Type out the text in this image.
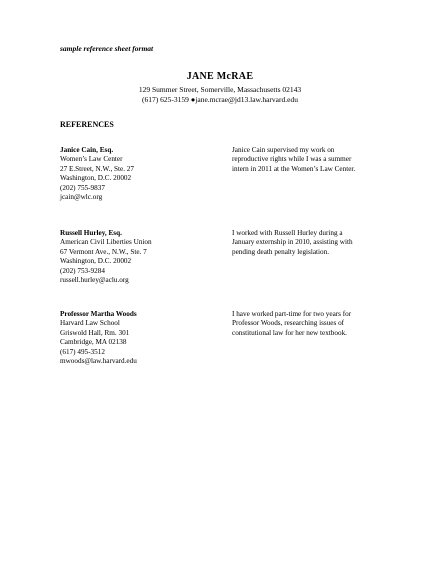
sample reference sheet format
JANE McRAE
129 Summer Street, Somerville, Massachusetts 02143
(617) 625-3159 ●jane.mcrae@jd13.law.harvard.edu
REFERENCES
Janice Cain, Esq.
Women’s Law Center
27 E.Street, N.W., Ste. 27
Washington, D.C. 20002
(202) 755-9837
jcain@wlc.org
Janice Cain supervised my work on
reproductive rights while I was a summer
intern in 2011 at the Women’s Law Center.
Russell Hurley, Esq.
American Civil Liberties Union
67 Vermont Ave., N.W., Ste. 7
Washington, D.C. 20002
(202) 753-9284
russell.hurley@aclu.org
I worked with Russell Hurley during a
January externship in 2010, assisting with
pending death penalty legislation.
Professor Martha Woods
Harvard Law School
Griswold Hall, Rm. 301
Cambridge, MA 02138
(617) 495-3512
mwoods@law.harvard.edu
I have worked part-time for two years for
Professor Woods, researching issues of
constitutional law for her new textbook.
